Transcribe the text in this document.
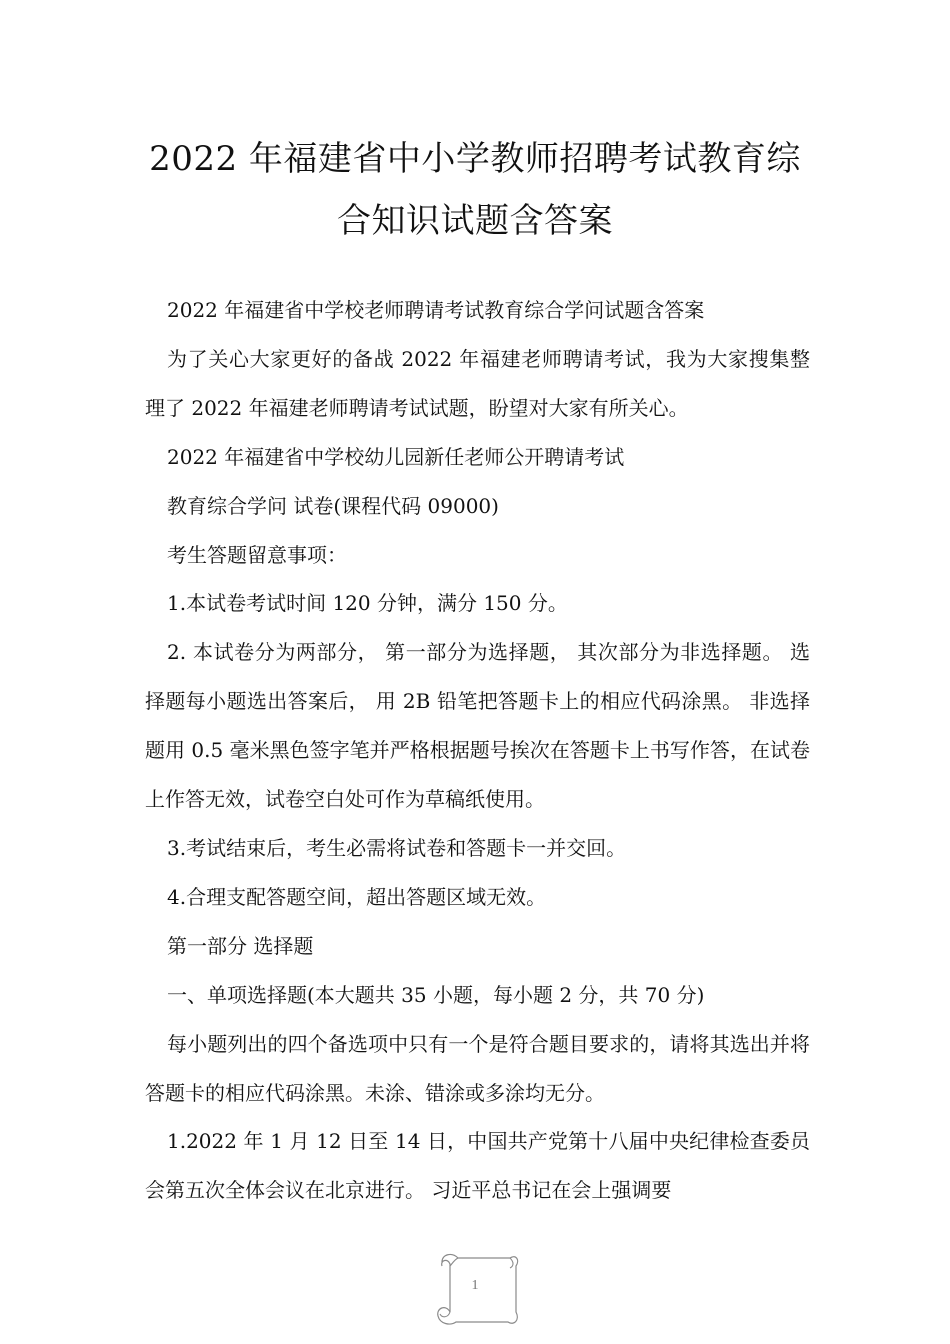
2022 年福建省中小学教师招聘考试教育综
合知识试题含答案

2022 年福建省中学校老师聘请考试教育综合学问试题含答案

为了关心大家更好的备战 2022 年福建老师聘请考试，我为大家搜集整理了 2022 年福建老师聘请考试试题，盼望对大家有所关心。

2022 年福建省中学校幼儿园新任老师公开聘请考试

教育综合学问 试卷(课程代码 09000)

考生答题留意事项：

1.本试卷考试时间 120 分钟，满分 150 分。

2. 本试卷分为两部分， 第一部分为选择题， 其次部分为非选择题。 选择题每小题选出答案后， 用 2B 铅笔把答题卡上的相应代码涂黑。 非选择题用 0.5 毫米黑色签字笔并严格根据题号挨次在答题卡上书写作答，在试卷上作答无效，试卷空白处可作为草稿纸使用。

3.考试结束后，考生必需将试卷和答题卡一并交回。

4.合理支配答题空间，超出答题区域无效。

第一部分 选择题

一、单项选择题(本大题共 35 小题，每小题 2 分，共 70 分)

每小题列出的四个备选项中只有一个是符合题目要求的，请将其选出并将答题卡的相应代码涂黑。未涂、错涂或多涂均无分。

1.2022 年 1 月 12 日至 14 日，中国共产党第十八届中央纪律检查委员会第五次全体会议在北京进行。 习近平总书记在会上强调要

1
